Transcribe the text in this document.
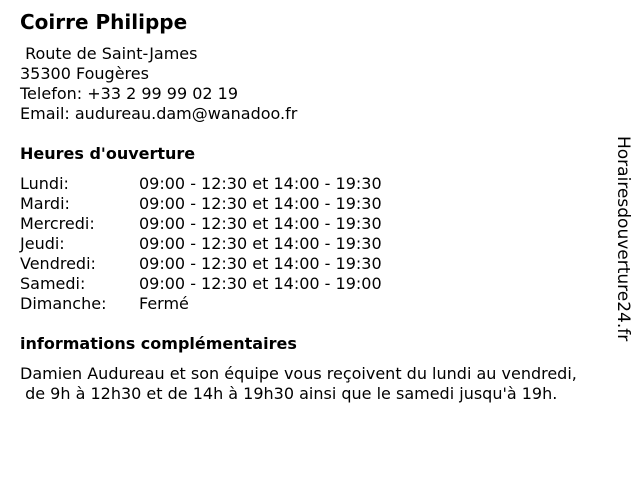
Coirre Philippe
Route de Saint-James
35300 Fougères
Telefon: +33 2 99 99 02 19
Email: audureau.dam@wanadoo.fr
Heures d'ouverture
Lundi:	09:00 - 12:30 et 14:00 - 19:30
Mardi:	09:00 - 12:30 et 14:00 - 19:30
Mercredi:	09:00 - 12:30 et 14:00 - 19:30
Jeudi:	09:00 - 12:30 et 14:00 - 19:30
Vendredi:	09:00 - 12:30 et 14:00 - 19:30
Samedi:	09:00 - 12:30 et 14:00 - 19:00
Dimanche: Fermé
informations complémentaires
Damien Audureau et son équipe vous reçoivent du lundi au vendredi,
de 9h à 12h30 et de 14h à 19h30 ainsi que le samedi jusqu'à 19h.
Horairesdouverture24.fr
